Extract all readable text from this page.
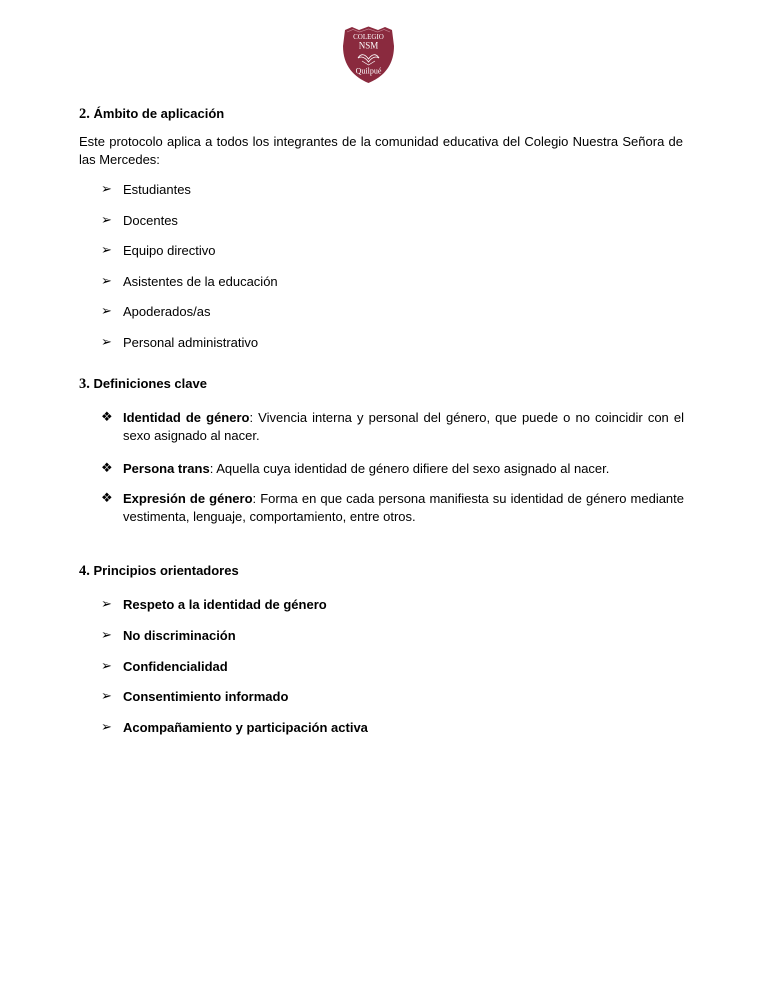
COLEGIO
NSM
Quilpué
2. Ámbito de aplicación
Este protocolo aplica a todos los integrantes de la comunidad educativa del Colegio Nuestra Señora de las Mercedes:
➢ Estudiantes
➢ Docentes
➢ Equipo directivo
➢ Asistentes de la educación
➢ Apoderados/as
➢ Personal administrativo
3. Definiciones clave
❖ Identidad de género: Vivencia interna y personal del género, que puede o no coincidir con el sexo asignado al nacer.
❖ Persona trans: Aquella cuya identidad de género difiere del sexo asignado al nacer.
❖ Expresión de género: Forma en que cada persona manifiesta su identidad de género mediante vestimenta, lenguaje, comportamiento, entre otros.
4. Principios orientadores
➢ Respeto a la identidad de género
➢ No discriminación
➢ Confidencialidad
➢ Consentimiento informado
➢ Acompañamiento y participación activa
